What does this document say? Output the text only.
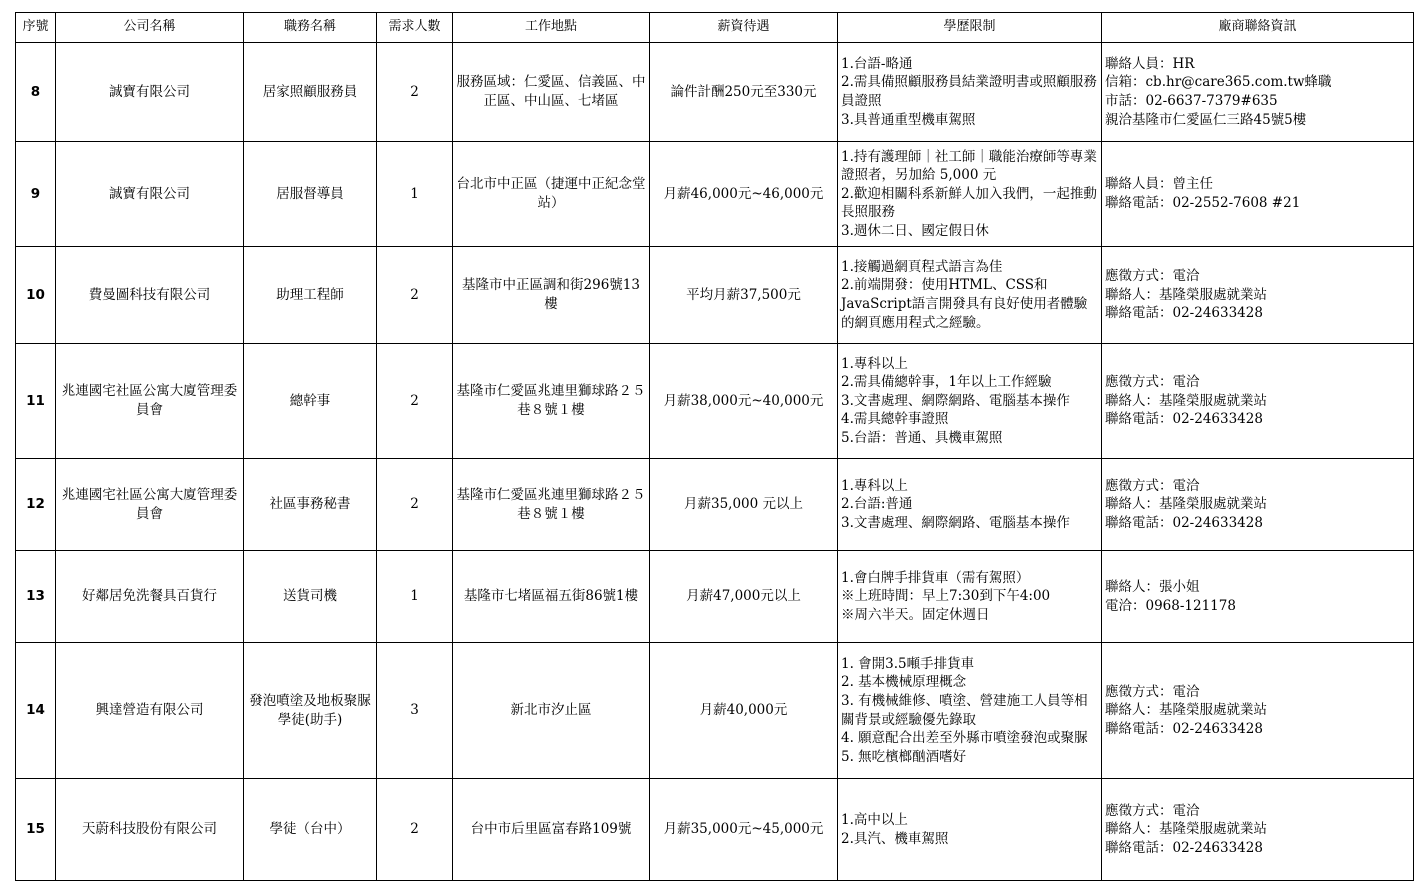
序號	公司名稱	職務名稱	需求人數	工作地點	薪資待遇	學歷限制	廠商聯絡資訊
8	誠寶有限公司	居家照顧服務員	2	服務區域：仁愛區、信義區、中正區、中山區、七堵區	論件計酬250元至330元	1.台語-略通
2.需具備照顧服務員結業證明書或照顧服務員證照
3.具普通重型機車駕照	聯絡人員：HR
信箱：cb.hr@care365.com.tw蜂職
市話：02-6637-7379#635
親洽基隆市仁愛區仁三路45號5樓

9	誠寶有限公司	居服督導員	1	台北市中正區（捷運中正紀念堂站）	月薪46,000元~46,000元	1.持有護理師｜社工師｜職能治療師等專業證照者，另加給 5,000 元
2.歡迎相關科系新鮮人加入我們，一起推動長照服務
3.週休二日、國定假日休	聯絡人員：曾主任
聯絡電話：02-2552-7608 #21

10	費曼圖科技有限公司	助理工程師	2	基隆市中正區調和街296號13樓	平均月薪37,500元	1.接觸過網頁程式語言為佳
2.前端開發：使用HTML、CSS和JavaScript語言開發具有良好使用者體驗的網頁應用程式之經驗。	應徵方式：電洽
聯絡人：基隆榮服處就業站
聯絡電話：02-24633428

11	兆連國宅社區公寓大廈管理委員會	總幹事	2	基隆市仁愛區兆連里獅球路２５巷８號１樓	月薪38,000元~40,000元	1.專科以上
2.需具備總幹事，1年以上工作經驗
3.文書處理、網際網路、電腦基本操作
4.需具總幹事證照
5.台語：普通、具機車駕照	應徵方式：電洽
聯絡人：基隆榮服處就業站
聯絡電話：02-24633428

12	兆連國宅社區公寓大廈管理委員會	社區事務秘書	2	基隆市仁愛區兆連里獅球路２５巷８號１樓	月薪35,000 元以上	1.專科以上
2.台語:普通
3.文書處理、網際網路、電腦基本操作	應徵方式：電洽
聯絡人：基隆榮服處就業站
聯絡電話：02-24633428

13	好鄰居免洗餐具百貨行	送貨司機	1	基隆市七堵區福五街86號1樓	月薪47,000元以上	1.會白牌手排貨車（需有駕照）
※上班時間：早上7:30到下午4:00
※周六半天。固定休週日	聯絡人：張小姐
電洽：0968-121178

14	興達營造有限公司	發泡噴塗及地板聚脲學徒(助手)	3	新北市汐止區	月薪40,000元	1. 會開3.5噸手排貨車
2. 基本機械原理概念
3. 有機械維修、噴塗、營建施工人員等相關背景或經驗優先錄取
4. 願意配合出差至外縣市噴塗發泡或聚脲
5. 無吃檳榔酗酒嗜好	應徵方式：電洽
聯絡人：基隆榮服處就業站
聯絡電話：02-24633428

15	天蔚科技股份有限公司	學徒（台中）	2	台中市后里區富春路109號	月薪35,000元~45,000元	1.高中以上
2.具汽、機車駕照	應徵方式：電洽
聯絡人：基隆榮服處就業站
聯絡電話：02-24633428
